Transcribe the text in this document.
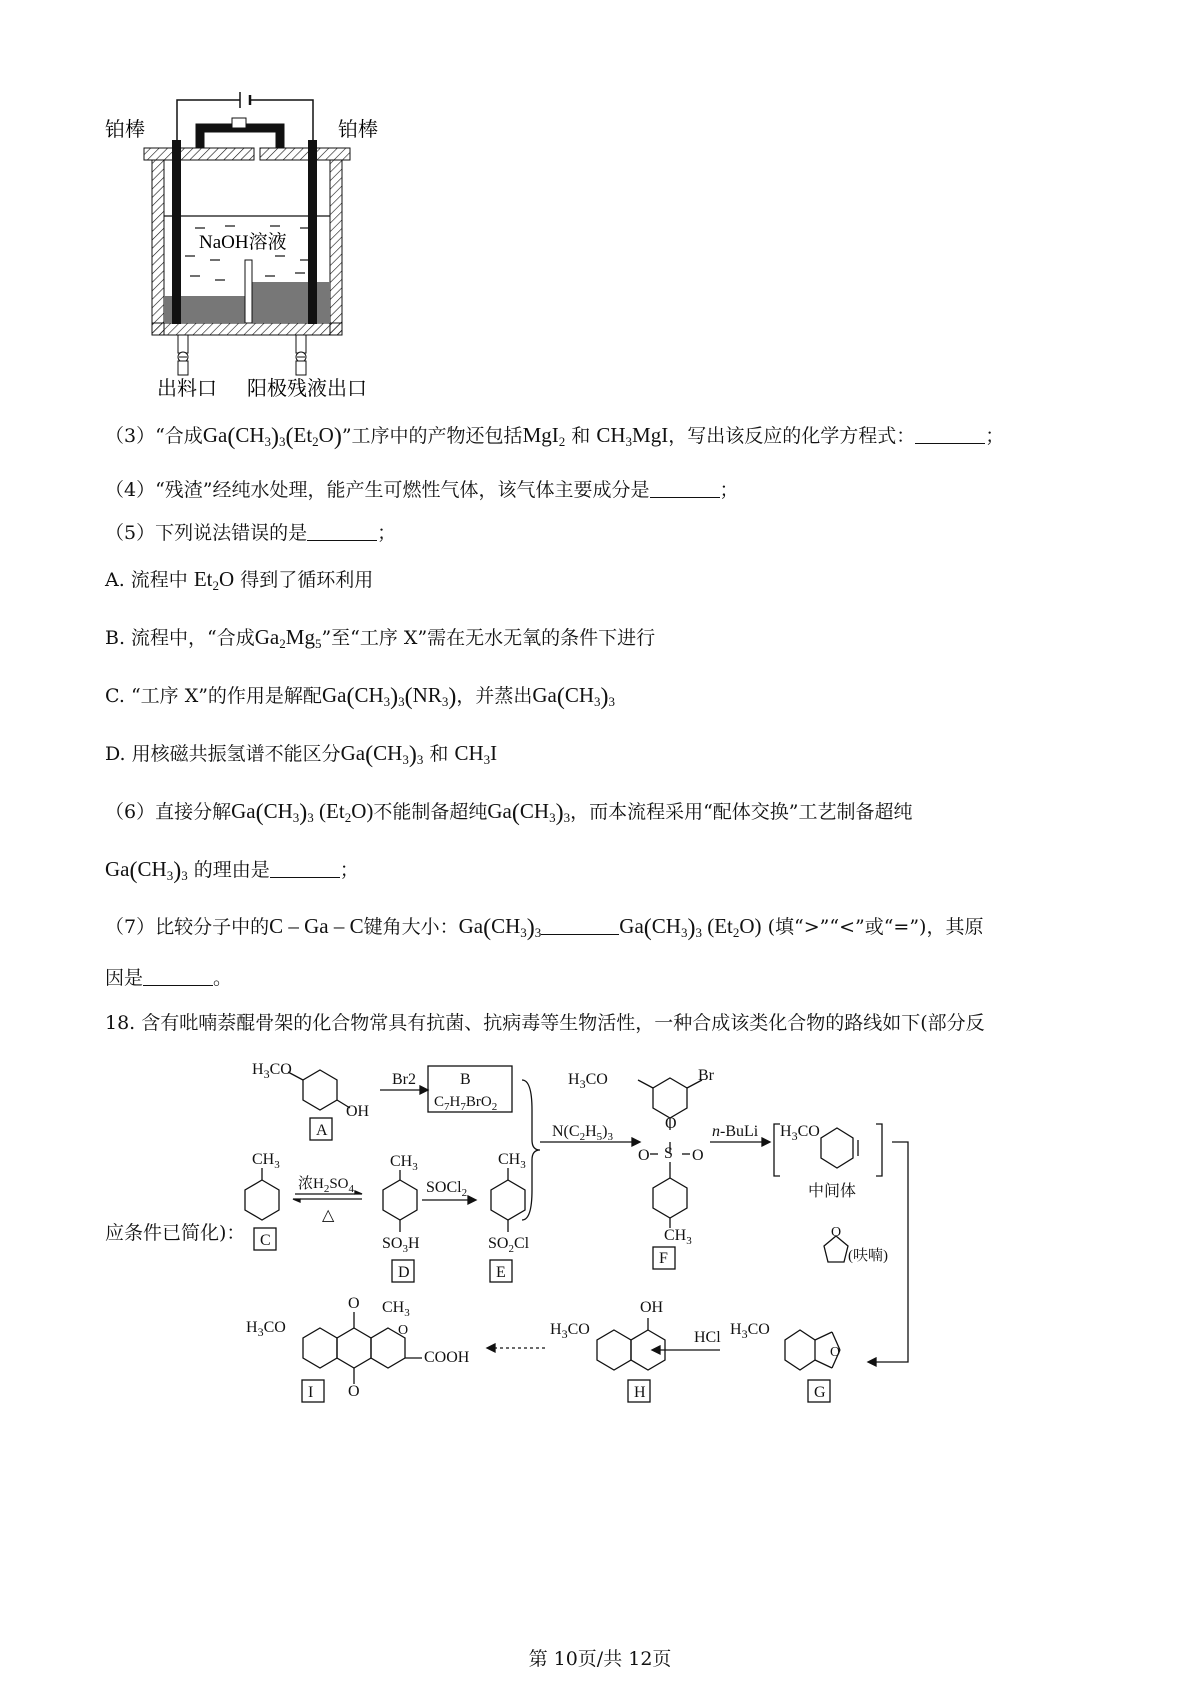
铂棒	铂棒
NaOH溶液
出料口 阳极残液出口
（3）“合成$Ga(CH_3)_3(Et_2O)$”工序中的产物还包括MgI$_2$ 和 $CH_3MgI$，写出该反应的化学方程式：	；
（4）“残渣”经纯水处理，能产生可燃性气体，该气体主要成分是	；
（5）下列说法错误的是	；
A. 流程中 $Et_2O$ 得到了循环利用
B. 流程中，“合成$Ga_2Mg_5$”至“工序 X”需在无水无氧的条件下进行
C. “工序 X”的作用是解配$Ga(CH_3)_3(NR_3)$，并蒸出$Ga(CH_3)_3$
D. 用核磁共振氢谱不能区分$Ga(CH_3)_3$ 和 $CH_3I$
（6）直接分解$Ga(CH_3)_3$ $(Et_2O)$不能制备超纯$Ga(CH_3)_3$，而本流程采用“配体交换”工艺制备超纯
$Ga(CH_3)_3$ 的理由是	；
（7）比较分子中的C – Ga – C键角大小：$Ga(CH_3)_3$	$Ga(CH_3)_3$ $(Et_2O)$ (填“>”“<”或“=”)，其原
因是	。
18. 含有吡喃萘醌骨架的化合物常具有抗菌、抗病毒等生物活性，一种合成该类化合物的路线如下(部分反
应条件已简化)：
$H_3CO$
OH
Br2	B
$C_7H_7BrO_2$
A
$CH_3$
C
浓$H_2SO_4$
△
$CH_3$
$SO_3H$
D
SOCl$_2$
$CH_3$
$SO_2Cl$
E
$N(C_2H_5)_3$
$H_3CO$	Br
O
S
O	O
$CH_3$
F
n -BuLi $H_3CO$
中间体
O
(呋喃)
$H_3CO$
O
G
HCl
$H_3CO$
OH
H
$H_3CO$
O
O
$CH_3$
O
COOH
I
第 10页/共 12页
